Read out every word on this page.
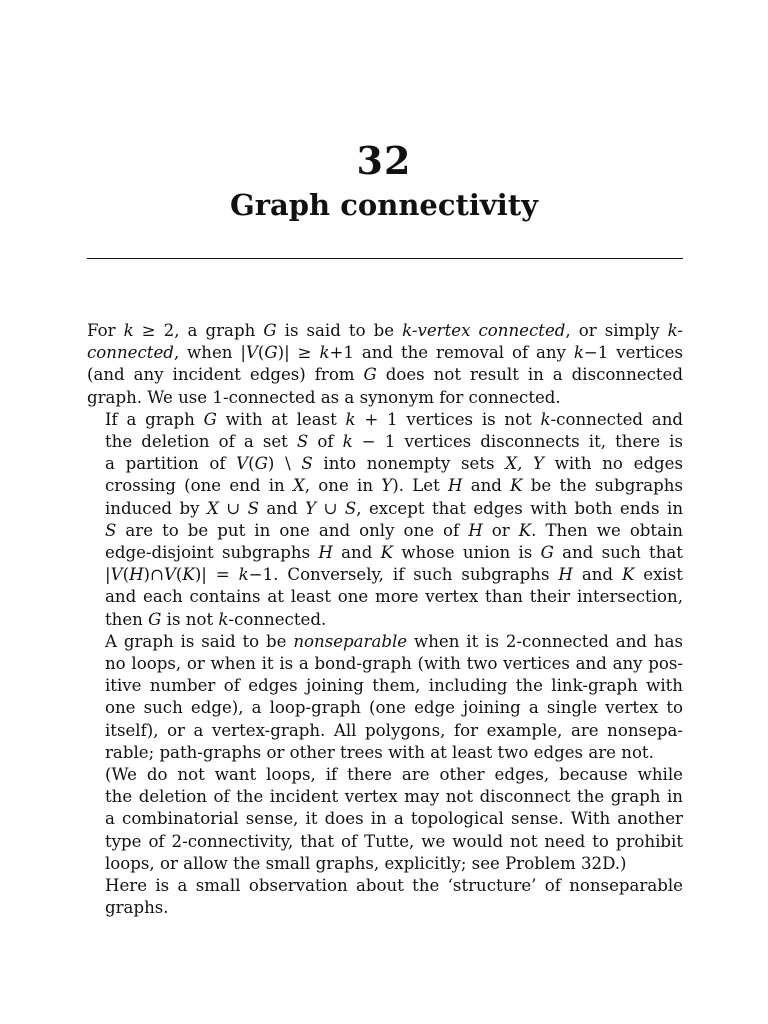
32
Graph connectivity

For k ≥ 2, a graph G is said to be k-vertex connected, or simply k-
connected, when |V(G)| ≥ k+1 and the removal of any k−1 vertices
(and any incident edges) from G does not result in a disconnected
graph. We use 1-connected as a synonym for connected.

If a graph G with at least k + 1 vertices is not k-connected and
the deletion of a set S of k − 1 vertices disconnects it, there is
a partition of V(G) \ S into nonempty sets X, Y with no edges
crossing (one end in X, one in Y). Let H and K be the subgraphs
induced by X ∪ S and Y ∪ S, except that edges with both ends in
S are to be put in one and only one of H or K. Then we obtain
edge-disjoint subgraphs H and K whose union is G and such that
|V(H)∩V(K)| = k−1. Conversely, if such subgraphs H and K exist
and each contains at least one more vertex than their intersection,
then G is not k-connected.

A graph is said to be nonseparable when it is 2-connected and has
no loops, or when it is a bond-graph (with two vertices and any pos-
itive number of edges joining them, including the link-graph with
one such edge), a loop-graph (one edge joining a single vertex to
itself), or a vertex-graph. All polygons, for example, are nonsepa-
rable; path-graphs or other trees with at least two edges are not.

(We do not want loops, if there are other edges, because while
the deletion of the incident vertex may not disconnect the graph in
a combinatorial sense, it does in a topological sense. With another
type of 2-connectivity, that of Tutte, we would not need to prohibit
loops, or allow the small graphs, explicitly; see Problem 32D.)

Here is a small observation about the ‘structure’ of nonseparable
graphs.
